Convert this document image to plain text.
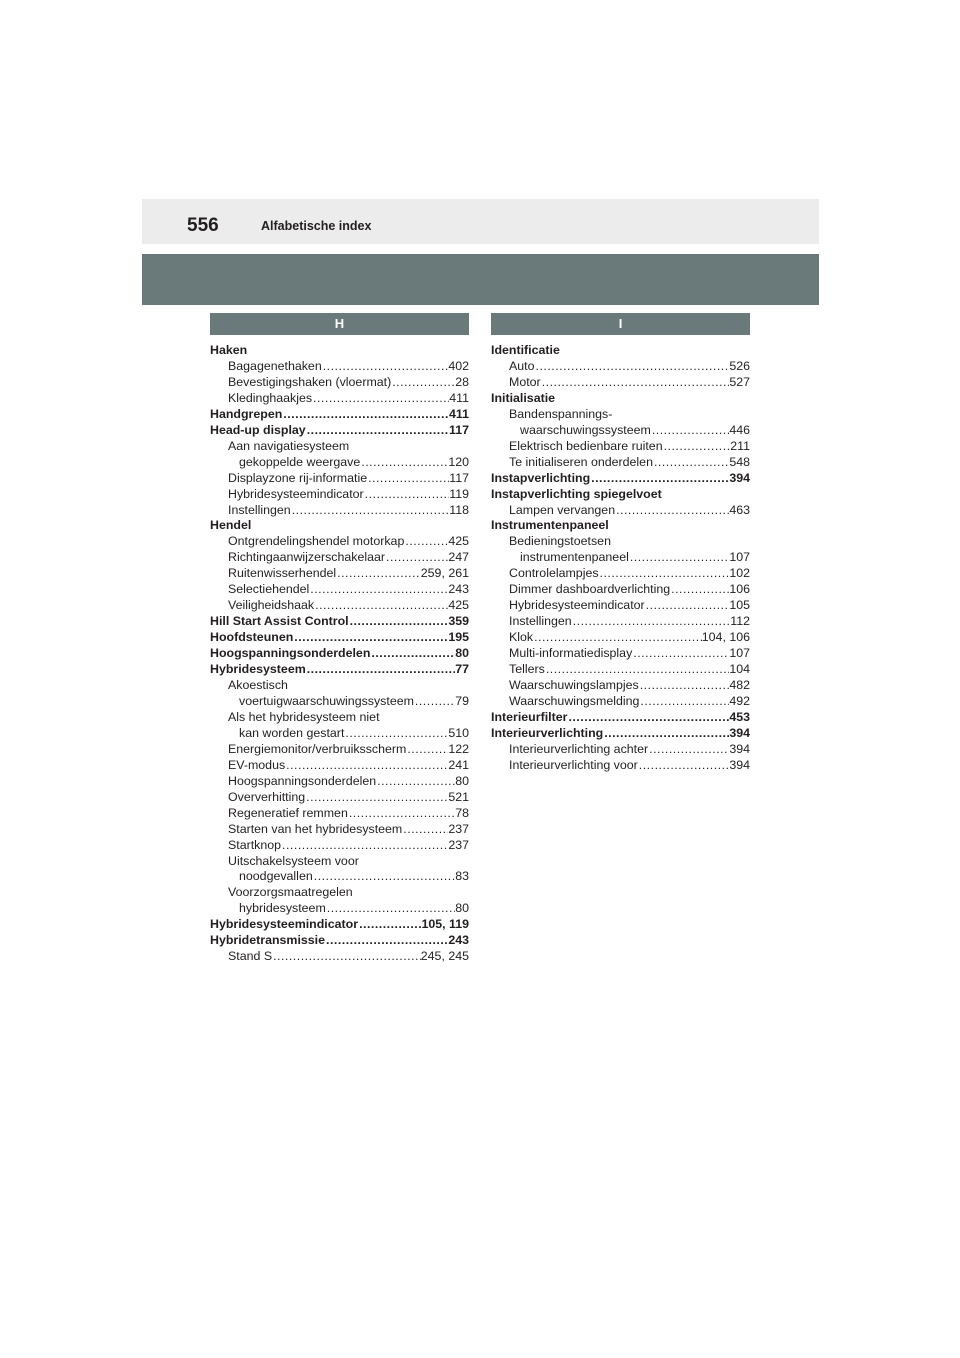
556	Alfabetische index
H
Haken
Bagagenethaken .....	402
Bevestigingshaken (vloermat) .....	28
Kledinghaakjes .....	411
Handgrepen .....	411
Head-up display .....	117
Aan navigatiesysteem
gekoppelde weergave .....	120
Displayzone rij-informatie .....	117
Hybridesysteemindicator .....	119
Instellingen .....	118
Hendel
Ontgrendelingshendel motorkap .....	425
Richtingaanwijzerschakelaar .....	247
Ruitenwisserhendel .....	259, 261
Selectiehendel .....	243
Veiligheidshaak .....	425
Hill Start Assist Control .....	359
Hoofdsteunen .....	195
Hoogspanningsonderdelen .....	80
Hybridesysteem .....	77
Akoestisch
voertuigwaarschuwingssysteem .....	79
Als het hybridesysteem niet
kan worden gestart .....	510
Energiemonitor/verbruiksscherm .....	122
EV-modus .....	241
Hoogspanningsonderdelen .....	80
Oververhitting .....	521
Regeneratief remmen .....	78
Starten van het hybridesysteem .....	237
Startknop .....	237
Uitschakelsysteem voor
noodgevallen .....	83
Voorzorgsmaatregelen
hybridesysteem .....	80
Hybridesysteemindicator .....	105, 119
Hybridetransmissie .....	243
Stand S .....	245, 245
I
Identificatie
Auto .....	526
Motor .....	527
Initialisatie
Bandenspannings-
waarschuwingssysteem .....	446
Elektrisch bedienbare ruiten .....	211
Te initialiseren onderdelen .....	548
Instapverlichting .....	394
Instapverlichting spiegelvoet
Lampen vervangen .....	463
Instrumentenpaneel
Bedieningstoetsen
instrumentenpaneel .....	107
Controlelampjes .....	102
Dimmer dashboardverlichting .....	106
Hybridesysteemindicator .....	105
Instellingen .....	112
Klok .....	104, 106
Multi-informatiedisplay .....	107
Tellers .....	104
Waarschuwingslampjes .....	482
Waarschuwingsmelding .....	492
Interieurfilter .....	453
Interieurverlichting .....	394
Interieurverlichting achter .....	394
Interieurverlichting voor .....	394
